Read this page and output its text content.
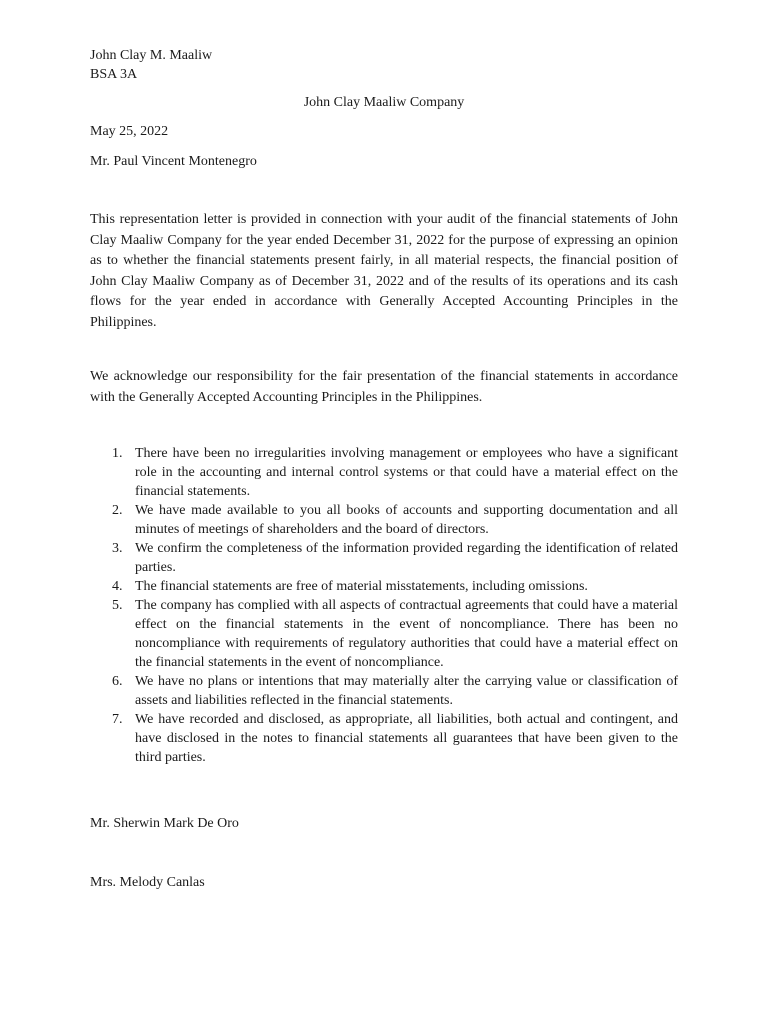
John Clay M. Maaliw
BSA 3A
John Clay Maaliw Company
May 25, 2022
Mr. Paul Vincent Montenegro

This representation letter is provided in connection with your audit of the financial statements of John Clay Maaliw Company for the year ended December 31, 2022 for the purpose of expressing an opinion as to whether the financial statements present fairly, in all material respects, the financial position of John Clay Maaliw Company as of December 31, 2022 and of the results of its operations and its cash flows for the year ended in accordance with Generally Accepted Accounting Principles in the Philippines.

We acknowledge our responsibility for the fair presentation of the financial statements in accordance with the Generally Accepted Accounting Principles in the Philippines.

1. There have been no irregularities involving management or employees who have a significant role in the accounting and internal control systems or that could have a material effect on the financial statements.
2. We have made available to you all books of accounts and supporting documentation and all minutes of meetings of shareholders and the board of directors.
3. We confirm the completeness of the information provided regarding the identification of related parties.
4. The financial statements are free of material misstatements, including omissions.
5. The company has complied with all aspects of contractual agreements that could have a material effect on the financial statements in the event of noncompliance. There has been no noncompliance with requirements of regulatory authorities that could have a material effect on the financial statements in the event of noncompliance.
6. We have no plans or intentions that may materially alter the carrying value or classification of assets and liabilities reflected in the financial statements.
7. We have recorded and disclosed, as appropriate, all liabilities, both actual and contingent, and have disclosed in the notes to financial statements all guarantees that have been given to the third parties.
Mr. Sherwin Mark De Oro
Mrs. Melody Canlas
